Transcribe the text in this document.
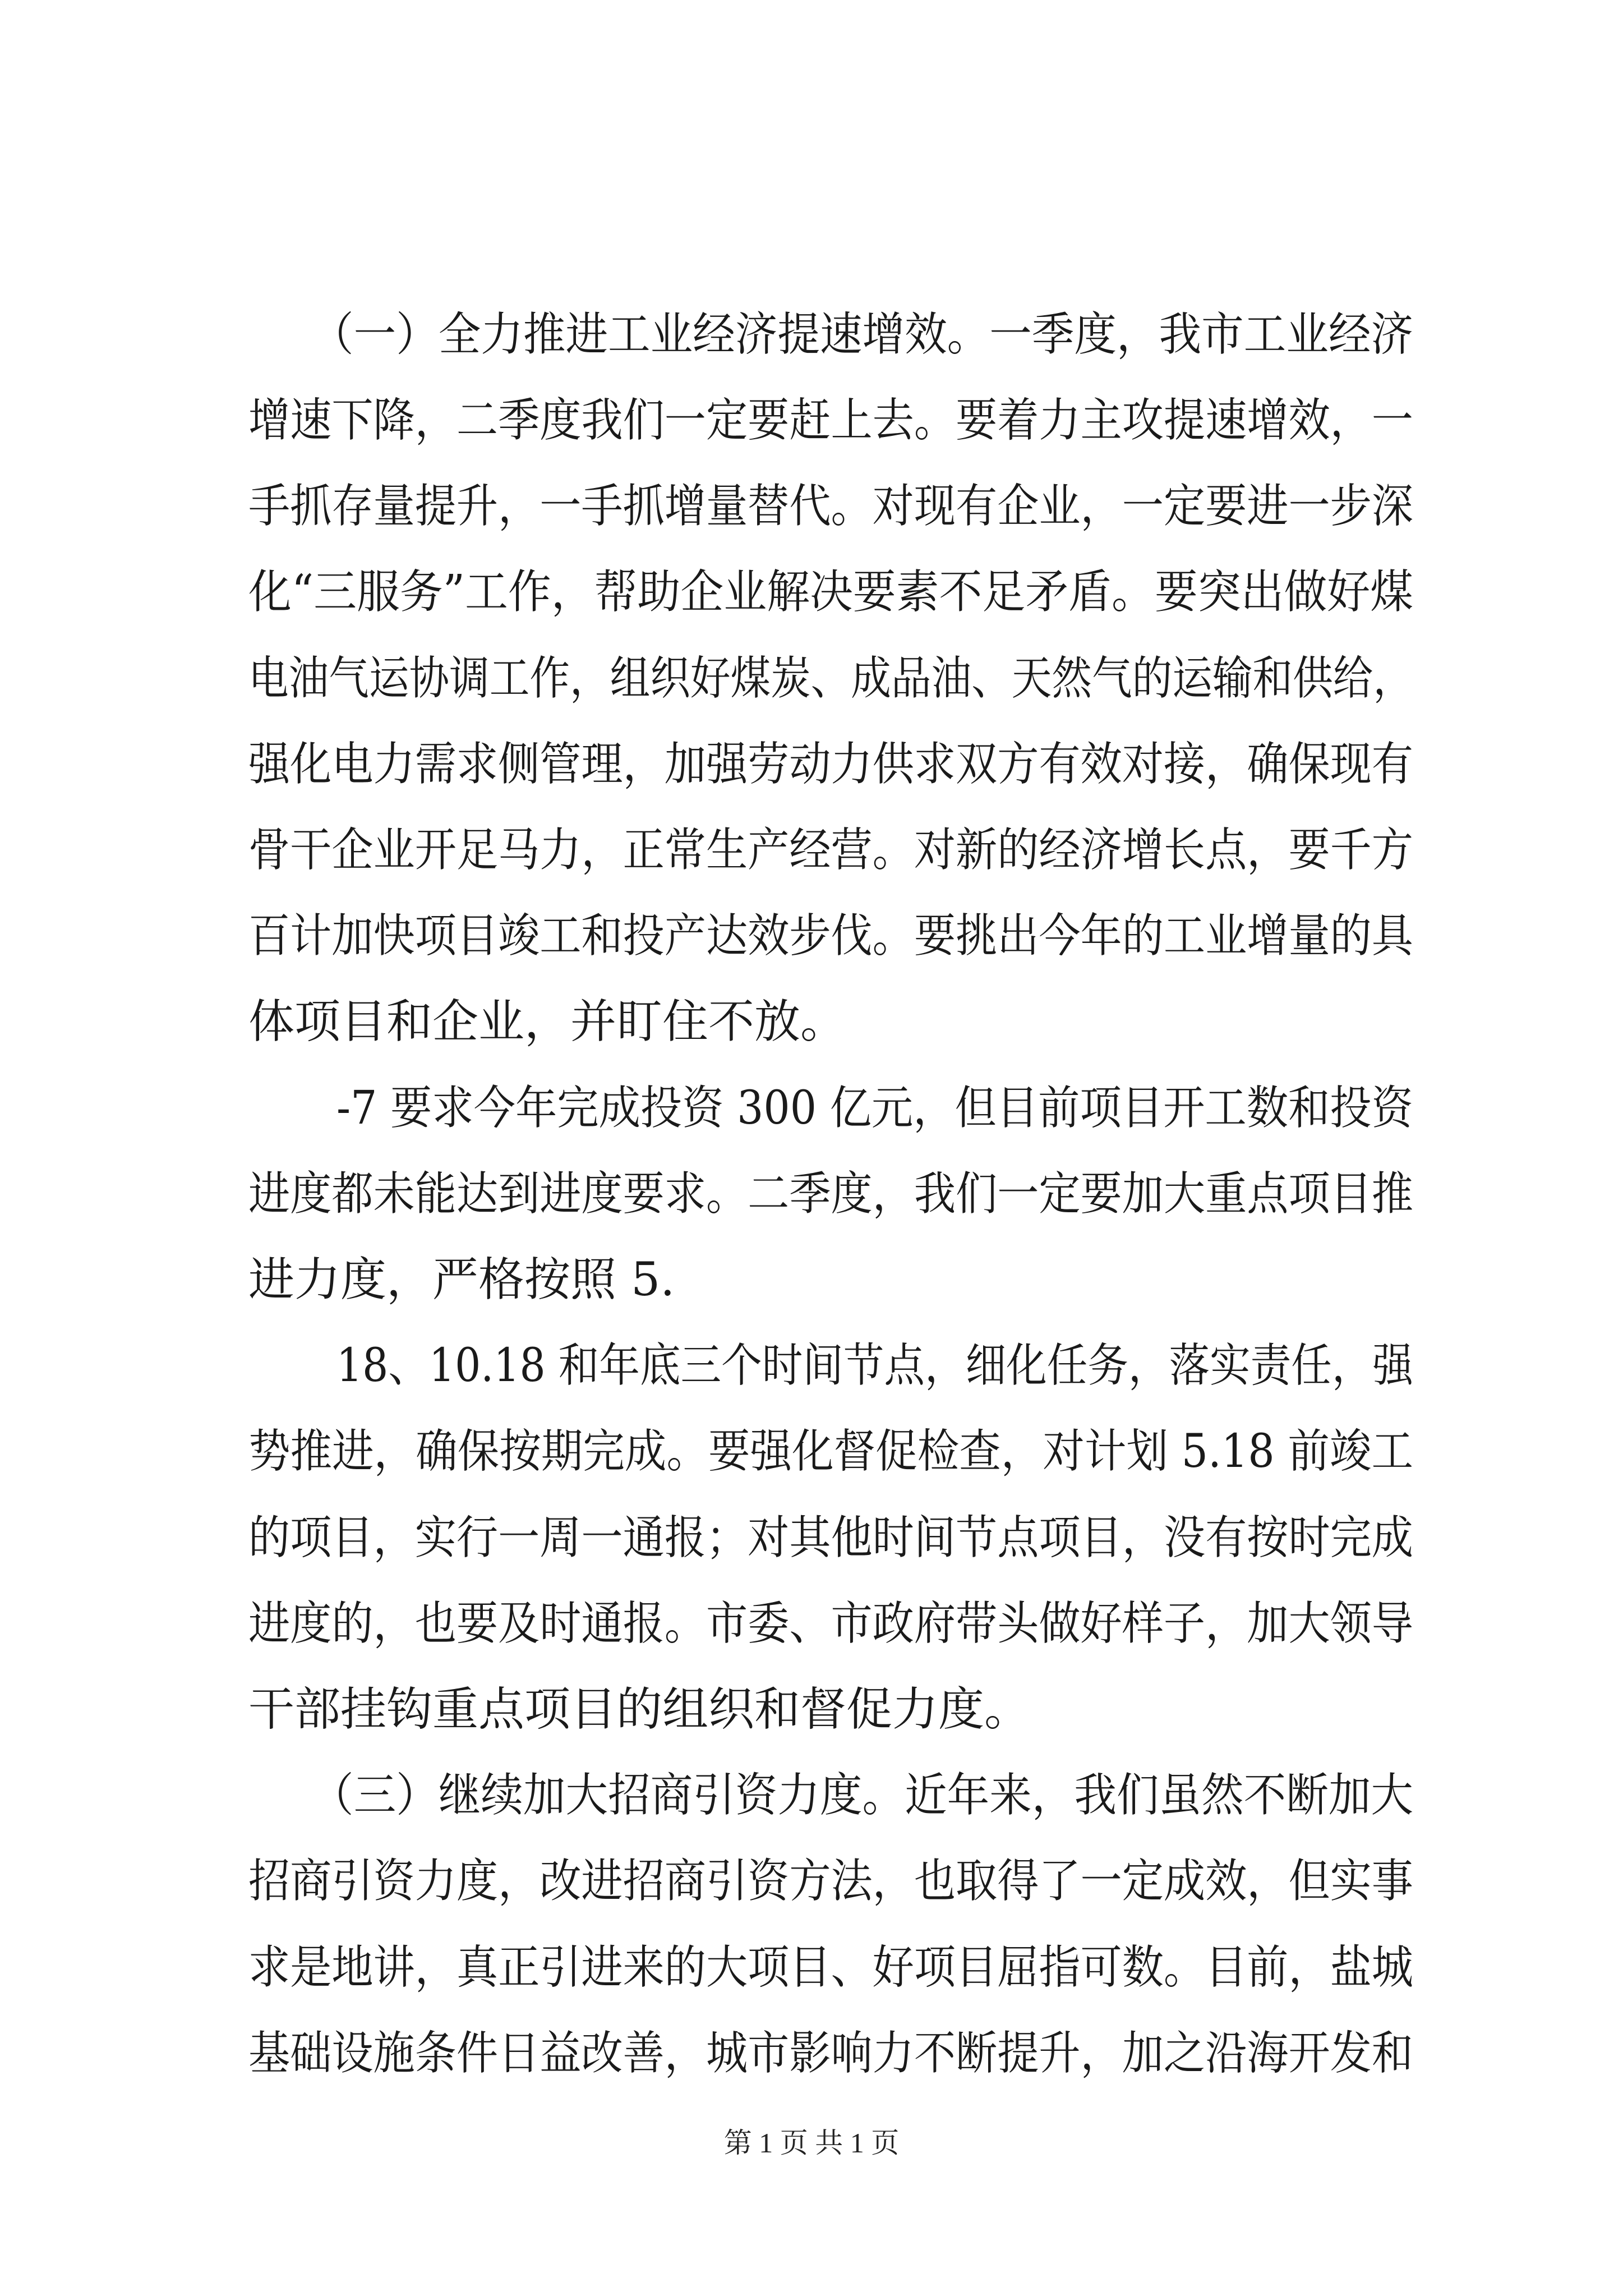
（一）全力推进工业经济提速增效。一季度，我市工业经济
增速下降，二季度我们一定要赶上去。要着力主攻提速增效，一
手抓存量提升，一手抓增量替代。对现有企业，一定要进一步深
化“三服务”工作，帮助企业解决要素不足矛盾。要突出做好煤
电油气运协调工作，组织好煤炭、成品油、天然气的运输和供给，
强化电力需求侧管理，加强劳动力供求双方有效对接，确保现有
骨干企业开足马力，正常生产经营。对新的经济增长点，要千方
百计加快项目竣工和投产达效步伐。要挑出今年的工业增量的具
体项目和企业，并盯住不放。
-7 要求今年完成投资 300 亿元，但目前项目开工数和投资
进度都未能达到进度要求。二季度，我们一定要加大重点项目推
进力度，严格按照 5.
18、10.18 和年底三个时间节点，细化任务，落实责任，强
势推进，确保按期完成。要强化督促检查，对计划 5.18 前竣工
的项目，实行一周一通报；对其他时间节点项目，没有按时完成
进度的，也要及时通报。市委、市政府带头做好样子，加大领导
干部挂钩重点项目的组织和督促力度。
（三）继续加大招商引资力度。近年来，我们虽然不断加大
招商引资力度，改进招商引资方法，也取得了一定成效，但实事
求是地讲，真正引进来的大项目、好项目屈指可数。目前，盐城
基础设施条件日益改善，城市影响力不断提升，加之沿海开发和
第 1 页 共 1 页
